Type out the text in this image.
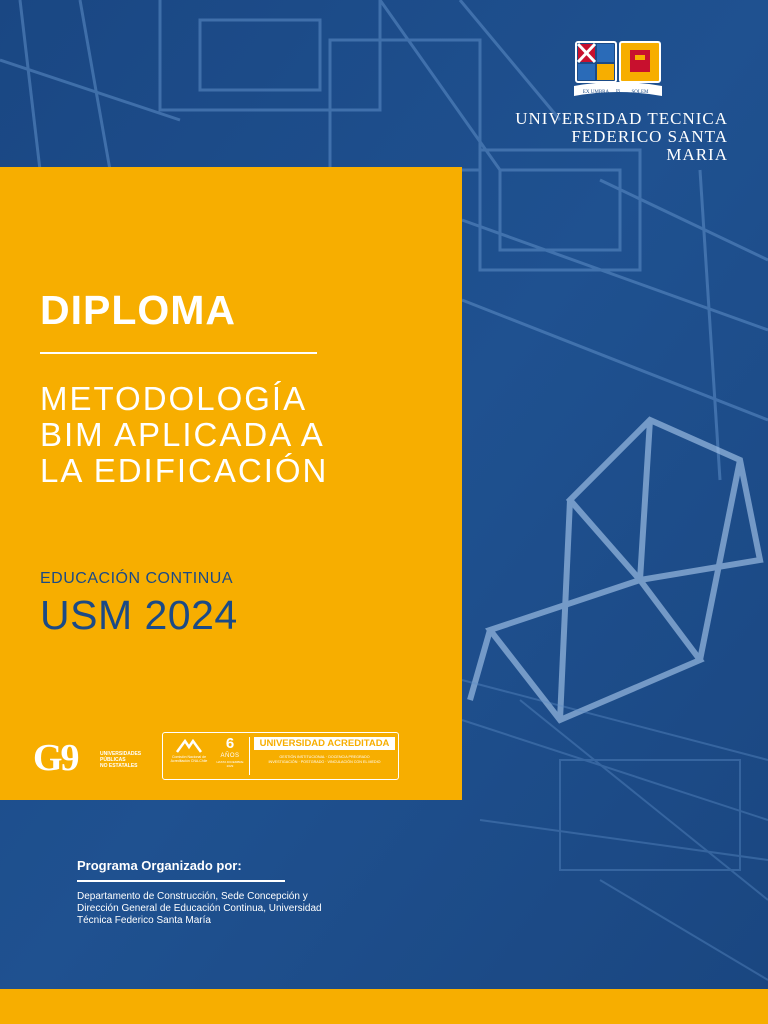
EX UMBRA IN SOLEM
UNIVERSIDAD TECNICA
FEDERICO SANTA MARIA
DIPLOMA
METODOLOGÍA
BIM APLICADA A
LA EDIFICACIÓN
EDUCACIÓN CONTINUA
USM 2024
G9	UNIVERSIDADES
PÚBLICAS
NO ESTATALES
Comisión Nacional de Acreditación CNA-Chile
6
AÑOS
HASTA DICIEMBRE 2029
UNIVERSIDAD ACREDITADA
GESTIÓN INSTITUCIONAL · DOCENCIA PREGRADO
INVESTIGACIÓN · POSTGRADO · VINCULACIÓN CON EL MEDIO
Programa Organizado por:
Departamento de Construcción, Sede Concepción y
Dirección General de Educación Continua, Universidad
Técnica Federico Santa María
